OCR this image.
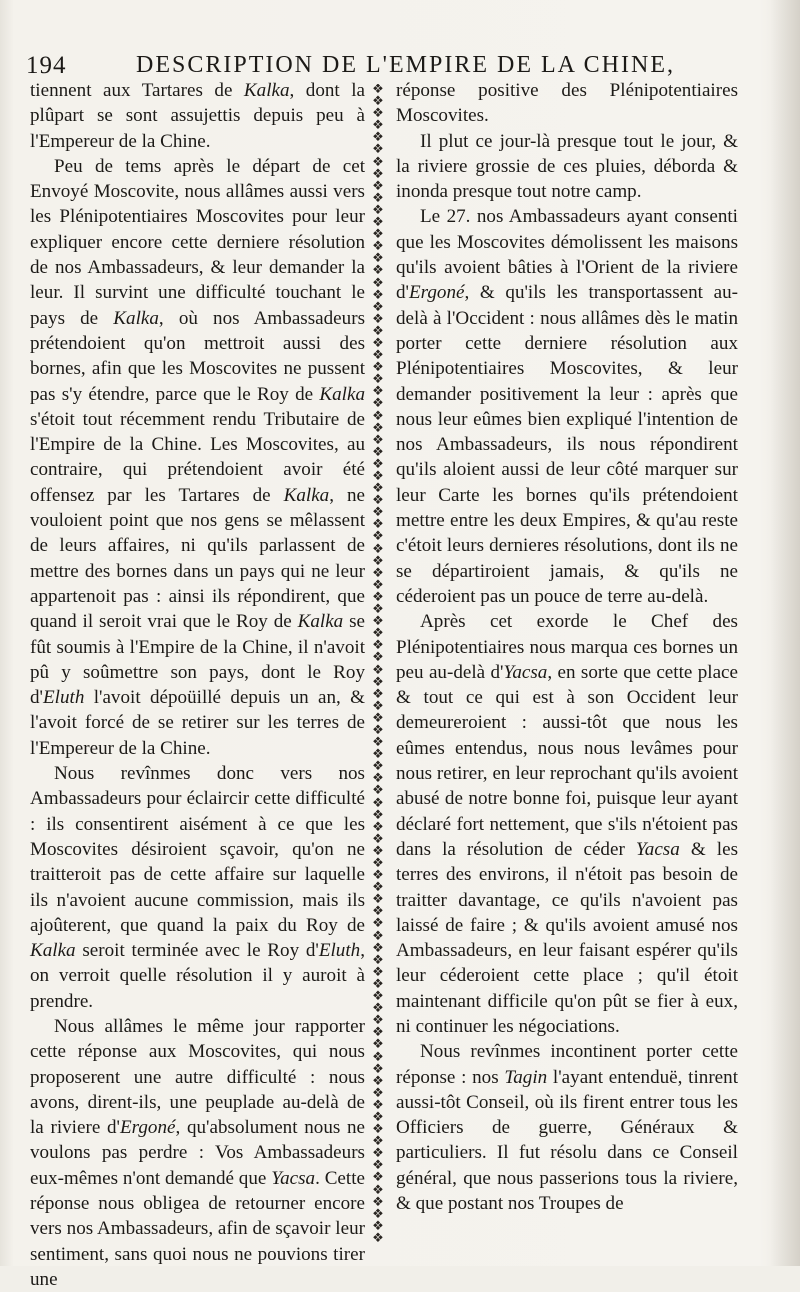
194	DESCRIPTION DE L'EMPIRE DE LA CHINE,

tiennent aux Tartares de Kalka, dont la plûpart se sont assujettis depuis peu à l'Empereur de la Chine.

Peu de tems après le départ de cet Envoyé Moscovite, nous allâmes aussi vers les Plénipotentiaires Moscovites pour leur expliquer encore cette derniere résolution de nos Ambassadeurs, & leur demander la leur. Il survint une difficulté touchant le pays de Kalka, où nos Ambassadeurs prétendoient qu'on mettroit aussi des bornes, afin que les Moscovites ne pussent pas s'y étendre, parce que le Roy de Kalka s'étoit tout récemment rendu Tributaire de l'Empire de la Chine. Les Moscovites, au contraire, qui prétendoient avoir été offensez par les Tartares de Kalka, ne vouloient point que nos gens se mêlassent de leurs affaires, ni qu'ils parlassent de mettre des bornes dans un pays qui ne leur appartenoit pas : ainsi ils répondirent, que quand il seroit vrai que le Roy de Kalka se fût soumis à l'Empire de la Chine, il n'avoit pû y soûmettre son pays, dont le Roy d'Eluth l'avoit dépoüillé depuis un an, & l'avoit forcé de se retirer sur les terres de l'Empereur de la Chine.

Nous revînmes donc vers nos Ambassadeurs pour éclaircir cette difficulté : ils consentirent aisément à ce que les Moscovites désiroient sçavoir, qu'on ne traitteroit pas de cette affaire sur laquelle ils n'avoient aucune commission, mais ils ajoûterent, que quand la paix du Roy de Kalka seroit terminée avec le Roy d'Eluth, on verroit quelle résolution il y auroit à prendre.

Nous allâmes le même jour rapporter cette réponse aux Moscovites, qui nous proposerent une autre difficulté : nous avons, dirent-ils, une peuplade au-delà de la riviere d'Ergoné, qu'absolument nous ne voulons pas perdre : Vos Ambassadeurs eux-mêmes n'ont demandé que Yacsa. Cette réponse nous obligea de retourner encore vers nos Ambassadeurs, afin de sçavoir leur sentiment, sans quoi nous ne pouvions tirer une

❖
❖
❖
❖
❖
❖
❖
❖
❖
❖
❖
❖
❖
❖
❖
❖
❖
❖
❖
❖
❖
❖
❖
❖
❖
❖
❖
❖
❖
❖
❖
❖
❖
❖
❖
❖
❖
❖
❖
❖
❖
❖
❖
❖
❖
❖
❖
❖
❖
❖
❖
❖
❖
❖
❖
❖
❖
❖
❖
❖
❖
❖
❖
❖
❖
❖
❖
❖
❖
❖
❖
❖
❖
❖
❖
❖
❖
❖
❖
❖
❖
❖
❖
❖
❖
❖
❖
❖
❖
❖
❖
❖
❖
❖
❖
❖

réponse positive des Plénipotentiaires Moscovites.

Il plut ce jour-là presque tout le jour, & la riviere grossie de ces pluies, déborda & inonda presque tout notre camp.

Le 27. nos Ambassadeurs ayant consenti que les Moscovites démolissent les maisons qu'ils avoient bâties à l'Orient de la riviere d'Ergoné, & qu'ils les transportassent au-delà à l'Occident : nous allâmes dès le matin porter cette derniere résolution aux Plénipotentiaires Moscovites, & leur demander positivement la leur : après que nous leur eûmes bien expliqué l'intention de nos Ambassadeurs, ils nous répondirent qu'ils aloient aussi de leur côté marquer sur leur Carte les bornes qu'ils prétendoient mettre entre les deux Empires, & qu'au reste c'étoit leurs dernieres résolutions, dont ils ne se départiroient jamais, & qu'ils ne céderoient pas un pouce de terre au-delà.

Après cet exorde le Chef des Plénipotentiaires nous marqua ces bornes un peu au-delà d'Yacsa, en sorte que cette place & tout ce qui est à son Occident leur demeureroient : aussi-tôt que nous les eûmes entendus, nous nous levâmes pour nous retirer, en leur reprochant qu'ils avoient abusé de notre bonne foi, puisque leur ayant déclaré fort nettement, que s'ils n'étoient pas dans la résolution de céder Yacsa & les terres des environs, il n'étoit pas besoin de traitter davantage, ce qu'ils n'avoient pas laissé de faire ; & qu'ils avoient amusé nos Ambassadeurs, en leur faisant espérer qu'ils leur céderoient cette place ; qu'il étoit maintenant difficile qu'on pût se fier à eux, ni continuer les négociations.

Nous revînmes incontinent porter cette réponse : nos Tagin l'ayant entenduë, tinrent aussi-tôt Conseil, où ils firent entrer tous les Officiers de guerre, Généraux & particuliers. Il fut résolu dans ce Conseil général, que nous passerions tous la riviere, & que postant nos Troupes de
